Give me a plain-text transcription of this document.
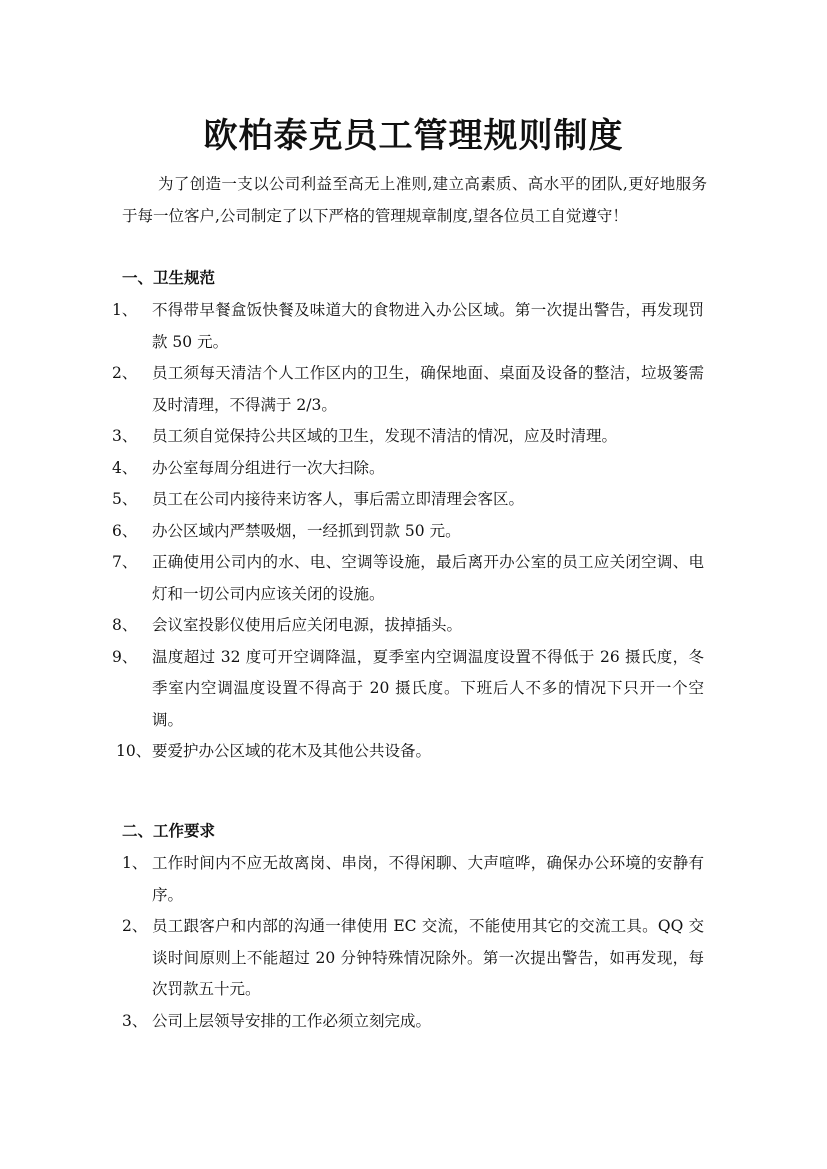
欧柏泰克员工管理规则制度

为了创造一支以公司利益至高无上准则,建立高素质、高水平的团队,更好地服务于每一位客户,公司制定了以下严格的管理规章制度,望各位员工自觉遵守！

一、卫生规范
1、 不得带早餐盒饭快餐及味道大的食物进入办公区域。第一次提出警告，再发现罚款 50 元。
2、 员工须每天清洁个人工作区内的卫生，确保地面、桌面及设备的整洁，垃圾篓需及时清理，不得满于 2/3。
3、 员工须自觉保持公共区域的卫生，发现不清洁的情况，应及时清理。
4、 办公室每周分组进行一次大扫除。
5、 员工在公司内接待来访客人，事后需立即清理会客区。
6、 办公区域内严禁吸烟，一经抓到罚款 50 元。
7、 正确使用公司内的水、电、空调等设施，最后离开办公室的员工应关闭空调、电灯和一切公司内应该关闭的设施。
8、 会议室投影仪使用后应关闭电源，拔掉插头。
9、 温度超过 32 度可开空调降温，夏季室内空调温度设置不得低于 26 摄氏度，冬季室内空调温度设置不得高于 20 摄氏度。下班后人不多的情况下只开一个空调。
10、 要爱护办公区域的花木及其他公共设备。
二、工作要求
1、 工作时间内不应无故离岗、串岗，不得闲聊、大声喧哗，确保办公环境的安静有序。
2、 员工跟客户和内部的沟通一律使用 EC 交流，不能使用其它的交流工具。QQ 交谈时间原则上不能超过 20 分钟特殊情况除外。第一次提出警告，如再发现，每次罚款五十元。
3、 公司上层领导安排的工作必须立刻完成。
